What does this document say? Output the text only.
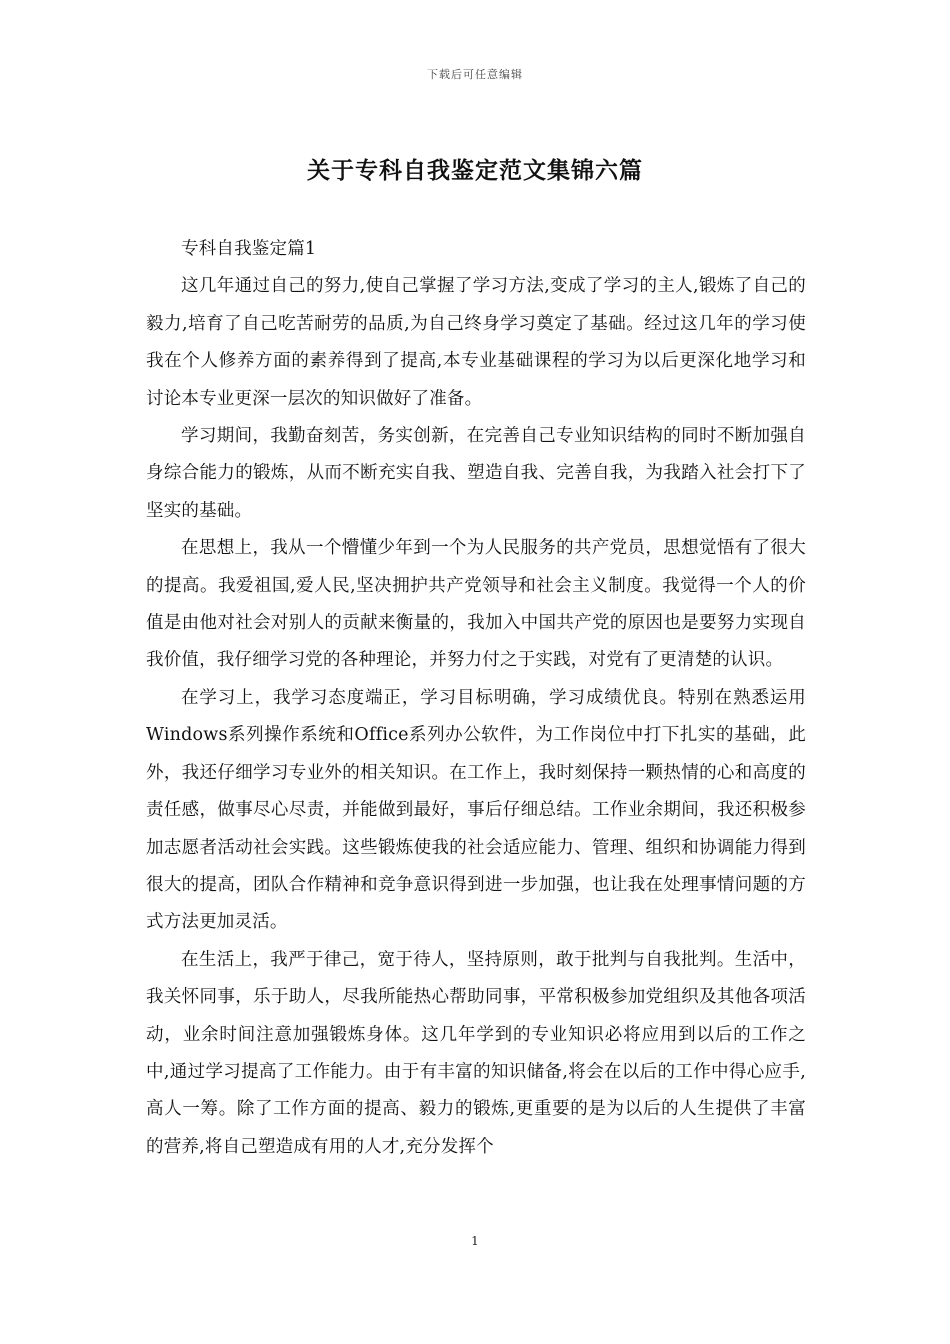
下载后可任意编辑
关于专科自我鉴定范文集锦六篇

专科自我鉴定篇1

这几年通过自己的努力,使自己掌握了学习方法,变成了学习的主人,锻炼了自己的毅力,培育了自己吃苦耐劳的品质,为自己终身学习奠定了基础。经过这几年的学习使我在个人修养方面的素养得到了提高,本专业基础课程的学习为以后更深化地学习和讨论本专业更深一层次的知识做好了准备。

学习期间，我勤奋刻苦，务实创新，在完善自己专业知识结构的同时不断加强自身综合能力的锻炼，从而不断充实自我、塑造自我、完善自我，为我踏入社会打下了坚实的基础。

在思想上，我从一个懵懂少年到一个为人民服务的共产党员，思想觉悟有了很大的提高。我爱祖国,爱人民,坚决拥护共产党领导和社会主义制度。我觉得一个人的价值是由他对社会对别人的贡献来衡量的，我加入中国共产党的原因也是要努力实现自我价值，我仔细学习党的各种理论，并努力付之于实践，对党有了更清楚的认识。

在学习上，我学习态度端正，学习目标明确，学习成绩优良。特别在熟悉运用Windows系列操作系统和Office系列办公软件，为工作岗位中打下扎实的基础，此外，我还仔细学习专业外的相关知识。在工作上，我时刻保持一颗热情的心和高度的责任感，做事尽心尽责，并能做到最好，事后仔细总结。工作业余期间，我还积极参加志愿者活动社会实践。这些锻炼使我的社会适应能力、管理、组织和协调能力得到很大的提高，团队合作精神和竞争意识得到进一步加强，也让我在处理事情问题的方式方法更加灵活。

在生活上，我严于律己，宽于待人，坚持原则，敢于批判与自我批判。生活中，我关怀同事，乐于助人，尽我所能热心帮助同事，平常积极参加党组织及其他各项活动，业余时间注意加强锻炼身体。这几年学到的专业知识必将应用到以后的工作之中,通过学习提高了工作能力。由于有丰富的知识储备,将会在以后的工作中得心应手,高人一筹。除了工作方面的提高、毅力的锻炼,更重要的是为以后的人生提供了丰富的营养,将自己塑造成有用的人才,充分发挥个

1
